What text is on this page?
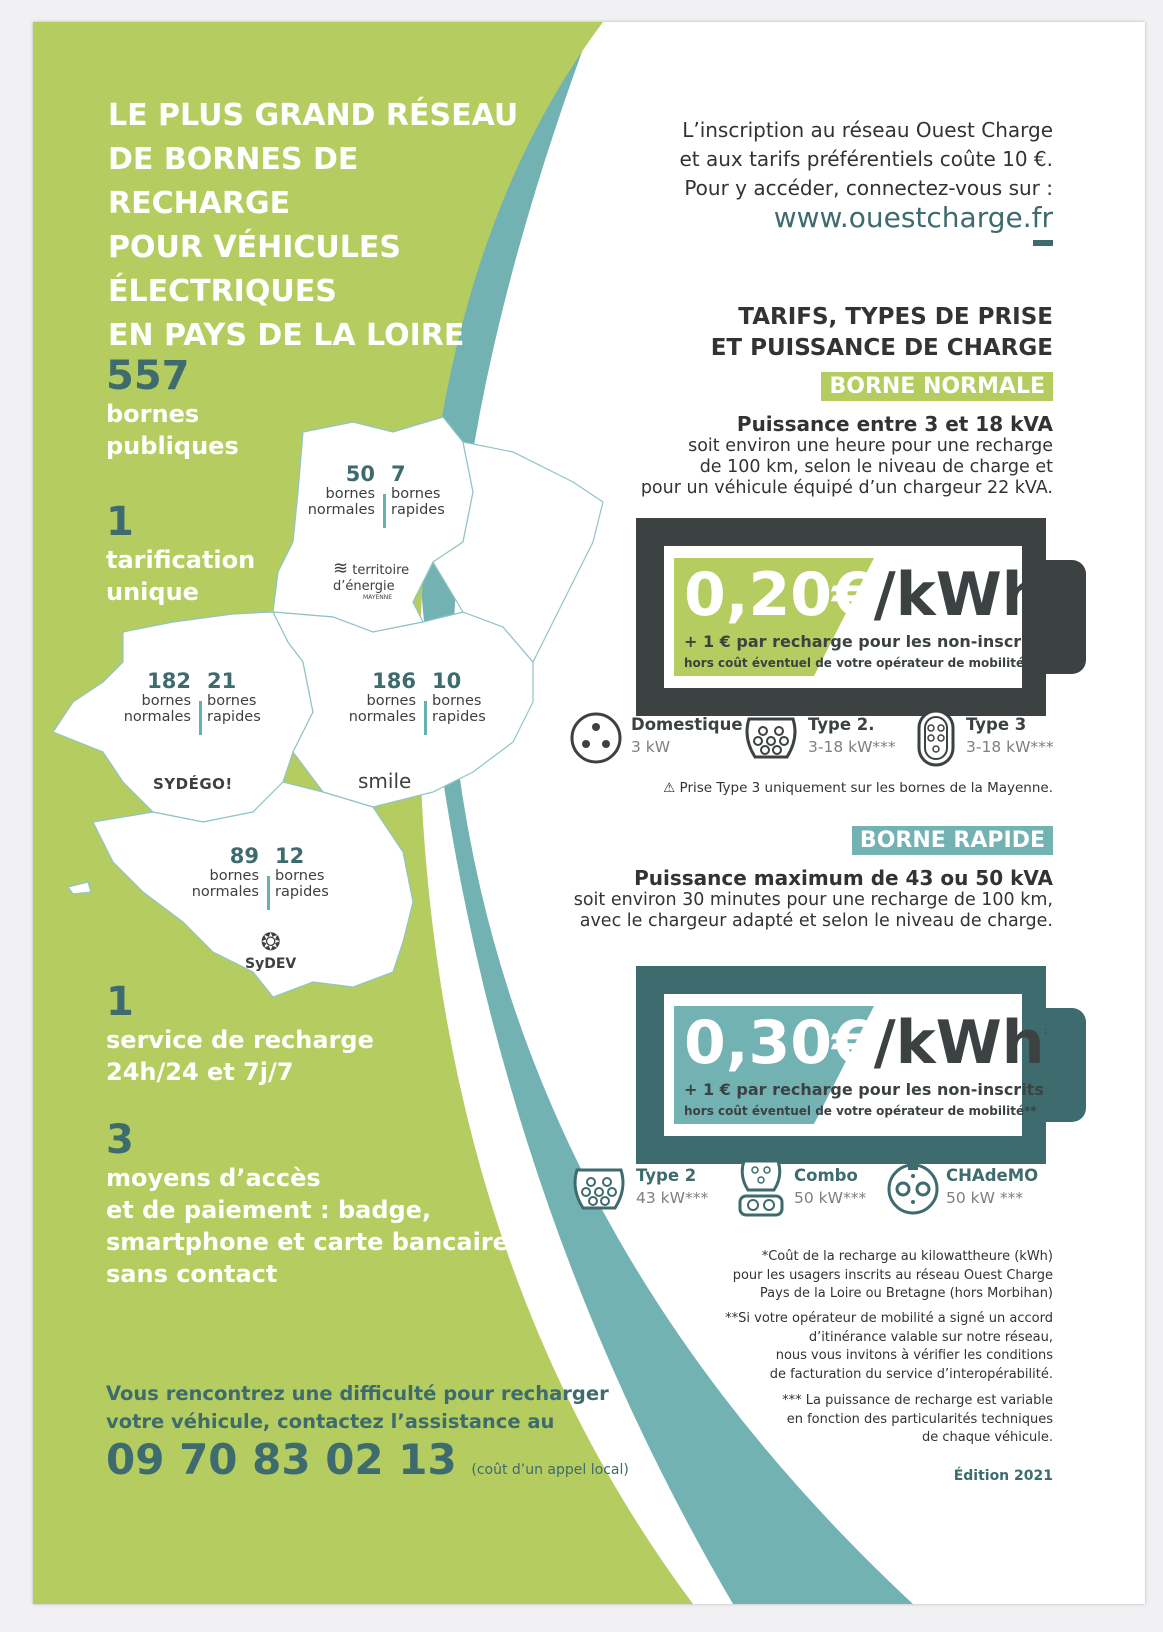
LE PLUS GRAND RÉSEAU
DE BORNES DE RECHARGE
POUR VÉHICULES
ÉLECTRIQUES
EN PAYS DE LA LOIRE
557
bornes
publiques
1
tarification
unique
1
service de recharge
24h/24 et 7j/7
3
moyens d’accès
et de paiement : badge,
smartphone et carte bancaire
sans contact
Vous rencontrez une difficulté pour recharger
votre véhicule, contactez l’assistance au
09 70 83 02 13 (coût d’un appel local)
50
bornes
normales
7
bornes
rapides
≋ territoire d’énergie
MAYENNE
182
bornes
normales
21
bornes
rapides
SYDÉGO!
186
bornes
normales
10
bornes
rapides
smile
89
bornes
normales
12
bornes
rapides
❂
SyDEV
L’inscription au réseau Ouest Charge
et aux tarifs préférentiels coûte 10 €.
Pour y accéder, connectez-vous sur :
www.ouestcharge.fr
TARIFS, TYPES DE PRISE
ET PUISSANCE DE CHARGE
BORNE NORMALE
Puissance entre 3 et 18 kVA
soit environ une heure pour une recharge
de 100 km, selon le niveau de charge et
pour un véhicule équipé d’un chargeur 22 kVA.
0,20€/kWh
+ 1 € par recharge pour les non-inscrits
hors coût éventuel de votre opérateur de mobilité**
Domestique
3 kW
Type 2.
3-18 kW***
Type 3
3-18 kW***
⚠ Prise Type 3 uniquement sur les bornes de la Mayenne.
BORNE RAPIDE
Puissance maximum de 43 ou 50 kVA
soit environ 30 minutes pour une recharge de 100 km,
avec le chargeur adapté et selon le niveau de charge.
0,30€/kWh
+ 1 € par recharge pour les non-inscrits
hors coût éventuel de votre opérateur de mobilité**
Type 2
43 kW***
Combo
50 kW***
CHAdeMO
50 kW ***
*Coût de la recharge au kilowattheure (kWh)
pour les usagers inscrits au réseau Ouest Charge
Pays de la Loire ou Bretagne (hors Morbihan)
**Si votre opérateur de mobilité a signé un accord
d’itinérance valable sur notre réseau,
nous vous invitons à vérifier les conditions
de facturation du service d’interopérabilité.
*** La puissance de recharge est variable
en fonction des particularités techniques
de chaque véhicule.
Édition 2021
